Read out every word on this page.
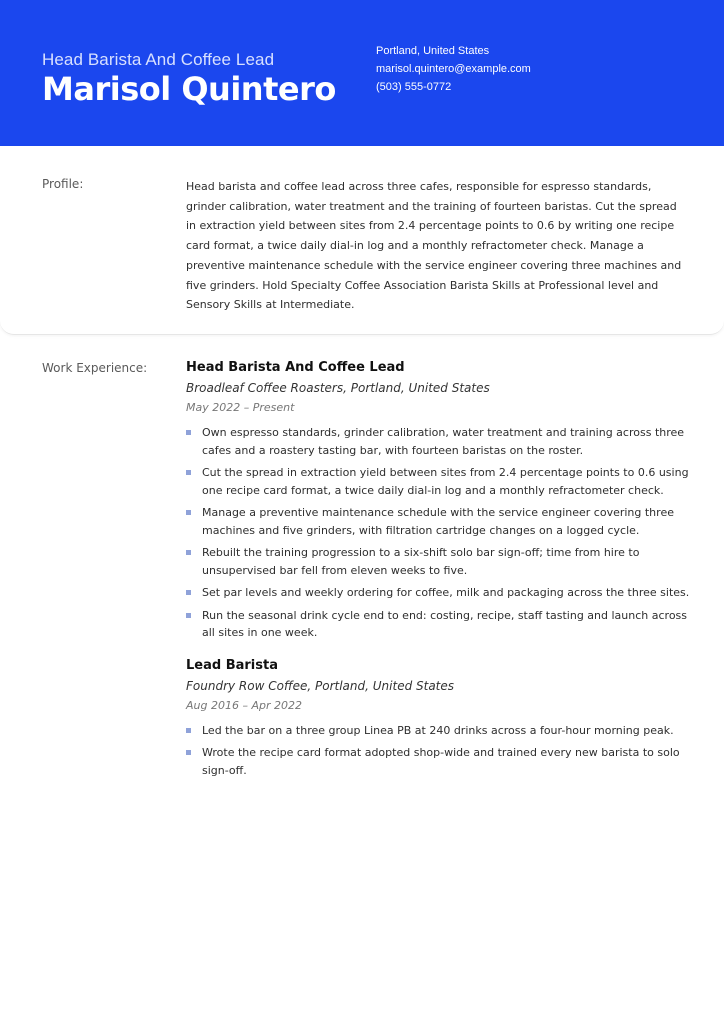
Head Barista And Coffee Lead
Marisol Quintero
Portland, United States
marisol.quintero@example.com
(503) 555-0772
Profile:	Head barista and coffee lead across three cafes, responsible for espresso standards, grinder calibration, water treatment and the training of fourteen baristas. Cut the spread in extraction yield between sites from 2.4 percentage points to 0.6 by writing one recipe card format, a twice daily dial-in log and a monthly refractometer check. Manage a preventive maintenance schedule with the service engineer covering three machines and five grinders. Hold Specialty Coffee Association Barista Skills at Professional level and Sensory Skills at Intermediate.
Work Experience:	Head Barista And Coffee Lead
Broadleaf Coffee Roasters, Portland, United States
May 2022 – Present
Own espresso standards, grinder calibration, water treatment and training across three cafes and a roastery tasting bar, with fourteen baristas on the roster.
Cut the spread in extraction yield between sites from 2.4 percentage points to 0.6 using one recipe card format, a twice daily dial-in log and a monthly refractometer check.
Manage a preventive maintenance schedule with the service engineer covering three machines and five grinders, with filtration cartridge changes on a logged cycle.
Rebuilt the training progression to a six-shift solo bar sign-off; time from hire to unsupervised bar fell from eleven weeks to five.
Set par levels and weekly ordering for coffee, milk and packaging across the three sites.
Run the seasonal drink cycle end to end: costing, recipe, staff tasting and launch across all sites in one week.
Lead Barista
Foundry Row Coffee, Portland, United States
Aug 2016 – Apr 2022
Led the bar on a three group Linea PB at 240 drinks across a four-hour morning peak.
Wrote the recipe card format adopted shop-wide and trained every new barista to solo sign-off.
